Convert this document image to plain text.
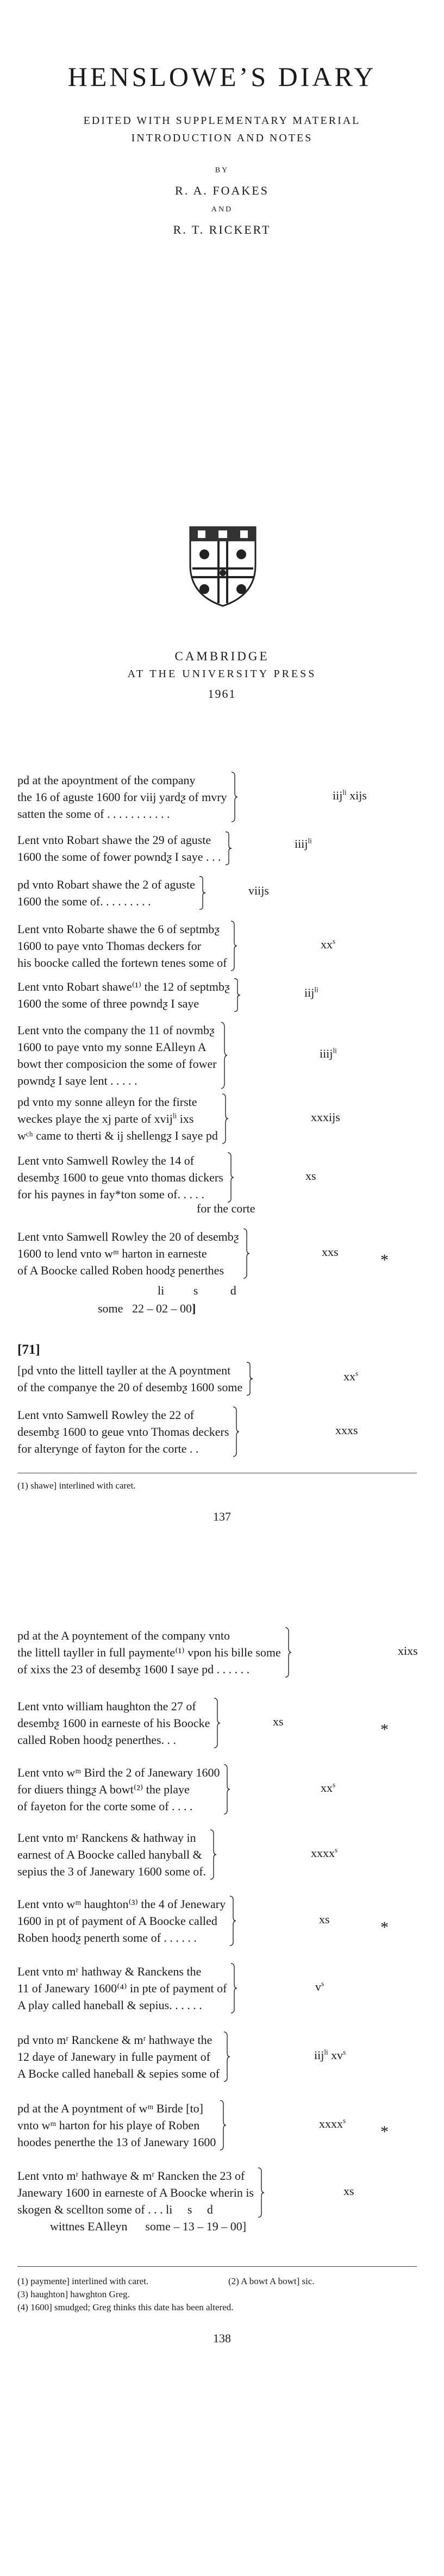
HENSLOWE’S DIARY
EDITED WITH SUPPLEMENTARY MATERIAL
INTRODUCTION AND NOTES
BY
R. A. FOAKES
AND
R. T. RICKERT
CAMBRIDGE
AT THE UNIVERSITY PRESS
1961
pd at the apoyntment of the company
the 16 of aguste 1600 for viij yardƺ of mvry
satten the some of . . . . . . . . . . .
iij$^{li}$ xijs
Lent vnto Robart shawe the 29 of aguste
1600 the some of fower powndƺ I saye . . .
iiij$^{li}$
pd vnto Robart shawe the 2 of aguste
1600 the some of. . . . . . . . .
viijs
Lent vnto Robarte shawe the 6 of septmbƺ
1600 to paye vnto Thomas deckers for
his boocke called the fortewn tenes some of
$xx^s$
Lent vnto Robart shawe⁽¹⁾ the 12 of septmbƺ
1600 the some of three powndƺ I saye
iij$^{li}$
Lent vnto the company the 11 of novmbƺ
1600 to paye vnto my sonne EAlleyn A
bowt ther composicion the some of fower
powndƺ I saye lent . . . . .
iiij$^{li}$
pd vnto my sonne alleyn for the firste
weckes playe the xj parte of xvij$^{li}$ ixs
wᶜʰ came to therti & ij shellengƺ I saye pd
xxxijs
Lent vnto Samwell Rowley the 14 of
desembƺ 1600 to geue vnto thomas dickers
for his paynes in fay*ton some of. . . . .
xs
for the corte
Lent vnto Samwell Rowley the 20 of desembƺ
1600 to lend vnto wᵐ harton in earneste
of A Boocke called Roben hoodƺ penerthes
xxs	*
li s	d
some   22 – 02 – 00]
[71]
[pd vnto the littell tayller at the A poyntment
of the companye the 20 of desembƺ 1600 some
$xx^s$
Lent vnto Samwell Rowley the 22 of
desembƺ 1600 to geue vnto Thomas deckers
for alterynge of fayton for the corte . .
xxxs
(1) shawe] interlined with caret.
137
pd at the A poyntement of the company vnto
the littell tayller in full paymente⁽¹⁾ vpon his bille some
of xixs the 23 of desembƺ 1600 I saye pd . . . . . .
xixs
Lent vnto william haughton the 27 of
desembƺ 1600 in earneste of his Boocke
called Roben hoodƺ penerthes. . .
xs	*
Lent vnto wᵐ Bird the 2 of Janewary 1600
for diuers thingƺ A bowt⁽²⁾ the playe
of fayeton for the corte some of . . . .
$xx^s$
Lent vnto mʳ Ranckens & hathway in
earnest of A Boocke called hanyball &
sepius the 3 of Janewary 1600 some of.
xxxx$^s$
Lent vnto wᵐ haughton⁽³⁾ the 4 of Jenewary
1600 in pt of payment of A Boocke called
Roben hoodƺ penerth some of . . . . . .
xs	*
Lent vnto mʳ hathway & Ranckens the
11 of Janewary 1600⁽⁴⁾ in pte of payment of
A play called haneball & sepius. . . . . .
$v^s$
pd vnto mʳ Ranckene & mʳ hathwaye the
12 daye of Janewary in fulle payment of
A Bocke called haneball & sepies some of
iij$^{li}$ $xv^s$
pd at the A poyntment of wᵐ Birde [to]
vnto wᵐ harton for his playe of Roben
hoodes penerthe the 13 of Janewary 1600
xxxx$^s$
*
Lent vnto mʳ hathwaye & mʳ Rancken the 23 of
Janewary 1600 in earneste of A Boocke wherin is
skogen & scellton some of . . . li     s     d
wittnes EAlleyn      some – 13 – 19 – 00]
xs
(1) paymente] interlined with caret.	(2) A bowt A bowt] sic.
(3) haughton] hawghton Greg.
(4) 1600] smudged; Greg thinks this date has been altered.
138
